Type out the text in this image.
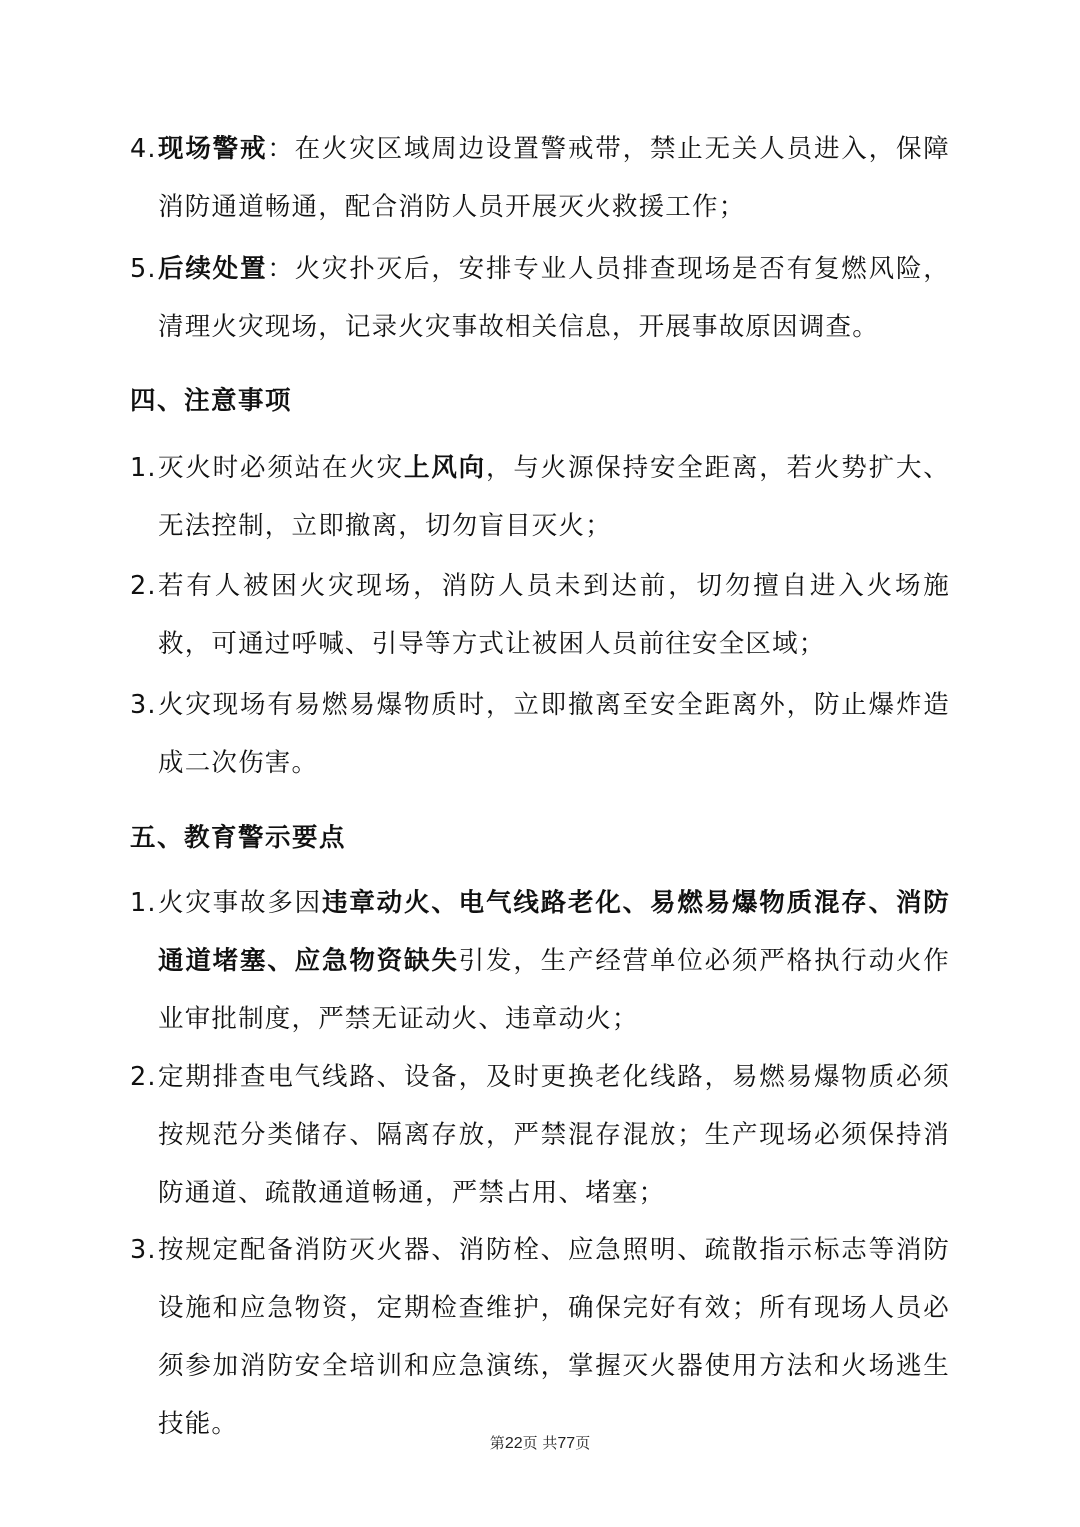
4. 现场警戒：在火灾区域周边设置警戒带，禁止无关人员进入，保障消防通道畅通，配合消防人员开展灭火救援工作；
5. 后续处置：火灾扑灭后，安排专业人员排查现场是否有复燃风险，清理火灾现场，记录火灾事故相关信息，开展事故原因调查。
四、注意事项
1. 灭火时必须站在火灾上风向，与火源保持安全距离，若火势扩大、无法控制，立即撤离，切勿盲目灭火；
2. 若有人被困火灾现场，消防人员未到达前，切勿擅自进入火场施救，可通过呼喊、引导等方式让被困人员前往安全区域；
3. 火灾现场有易燃易爆物质时，立即撤离至安全距离外，防止爆炸造成二次伤害。
五、教育警示要点
1. 火灾事故多因违章动火、电气线路老化、易燃易爆物质混存、消防通道堵塞、应急物资缺失引发，生产经营单位必须严格执行动火作业审批制度，严禁无证动火、违章动火；
2. 定期排查电气线路、设备，及时更换老化线路，易燃易爆物质必须按规范分类储存、隔离存放，严禁混存混放；生产现场必须保持消防通道、疏散通道畅通，严禁占用、堵塞；
3. 按规定配备消防灭火器、消防栓、应急照明、疏散指示标志等消防设施和应急物资，定期检查维护，确保完好有效；所有现场人员必须参加消防安全培训和应急演练，掌握灭火器使用方法和火场逃生技能。
第22页 共77页
